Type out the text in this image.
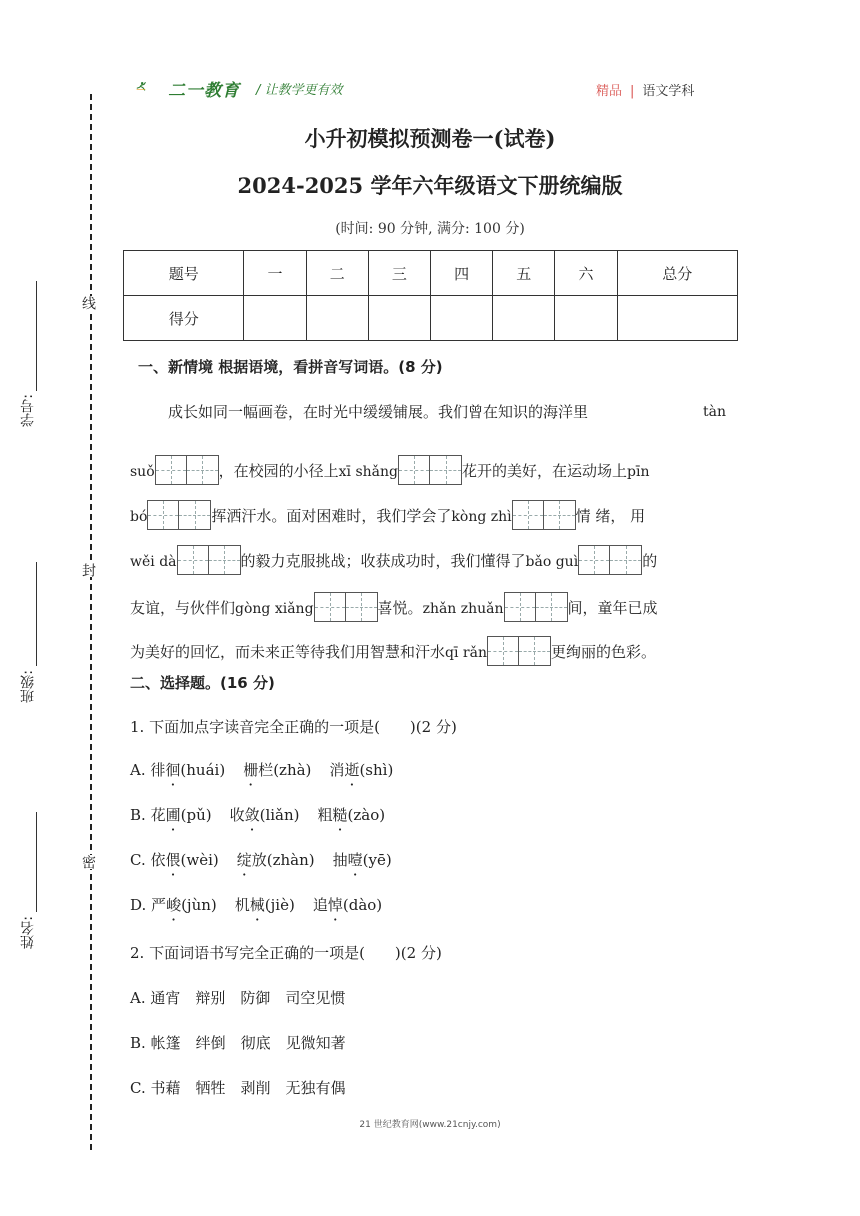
二一教育 / 让教学更有效	精品 | 语文学科
线
封
密
学号:
班级:
姓名:
小升初模拟预测卷一(试卷)
2024-2025 学年六年级语文下册统编版
(时间: 90 分钟, 满分: 100 分)
题号	一	二	三	四	五	六	总分
得分							
一、新情境 根据语境，看拼音写词语。(8 分)
成长如同一幅画卷，在时光中缓缓铺展。我们曾在知识的海洋里	tàn
suǒ	，在校园的小径上xī shǎng	花开的美好，在运动场上pīn
bó	挥洒汗水。面对困难时，我们学会了kòng zhì	情 绪， 用
wěi dà	的毅力克服挑战；收获成功时，我们懂得了bǎo guì	的
友谊，与伙伴们gòng xiǎng	喜悦。zhǎn zhuǎn	间，童年已成
为美好的回忆，而未来正等待我们用智慧和汗水qī rǎn	更绚丽的色彩。
二、选择题。(16 分)
1. 下面加点字读音完全正确的一项是(　　)(2 分)
A. 徘徊(huái) 栅栏(zhà) 消逝(shì)
B. 花圃(pǔ) 收敛(liǎn) 粗糙(zào)
C. 依偎(wèi) 绽放(zhàn) 抽噎(yē)
D. 严峻(jùn) 机械(jiè) 追悼(dào)
2. 下面词语书写完全正确的一项是(　　)(2 分)
A. 通宵　辩别　防御　司空见惯
B. 帐篷　绊倒　彻底　见微知著
C. 书藉　牺牲　剥削　无独有偶
21 世纪教育网(www.21cnjy.com)
